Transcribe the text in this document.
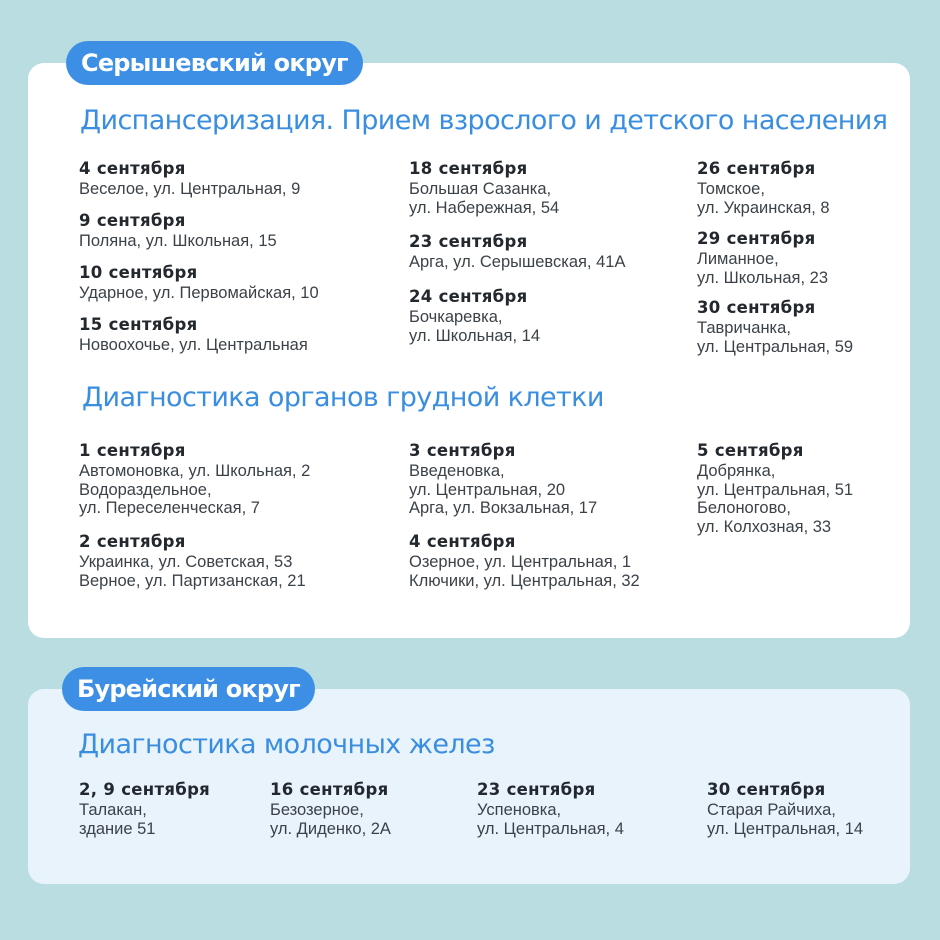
Серышевский округ
Диспансеризация. Прием взрослого и детского населения
4 сентября
Веселое, ул. Центральная, 9
9 сентября
Поляна, ул. Школьная, 15
10 сентября
Ударное, ул. Первомайская, 10
15 сентября
Новоохочье, ул. Центральная
18 сентября
Большая Сазанка,
ул. Набережная, 54
23 сентября
Арга, ул. Серышевская, 41А
24 сентября
Бочкаревка,
ул. Школьная, 14
26 сентября
Томское,
ул. Украинская, 8
29 сентября
Лиманное,
ул. Школьная, 23
30 сентября
Тавричанка,
ул. Центральная, 59
Диагностика органов грудной клетки
1 сентября
Автомоновка, ул. Школьная, 2
Водораздельное,
ул. Переселенческая, 7
2 сентября
Украинка, ул. Советская, 53
Верное, ул. Партизанская, 21
3 сентября
Введеновка,
ул. Центральная, 20
Арга, ул. Вокзальная, 17
4 сентября
Озерное, ул. Центральная, 1
Ключики, ул. Центральная, 32
5 сентября
Добрянка,
ул. Центральная, 51
Белоногово,
ул. Колхозная, 33
Бурейский округ
Диагностика молочных желез
2, 9 сентября
Талакан,
здание 51
16 сентября
Безозерное,
ул. Диденко, 2А
23 сентября
Успеновка,
ул. Центральная, 4
30 сентября
Старая Райчиха,
ул. Центральная, 14
